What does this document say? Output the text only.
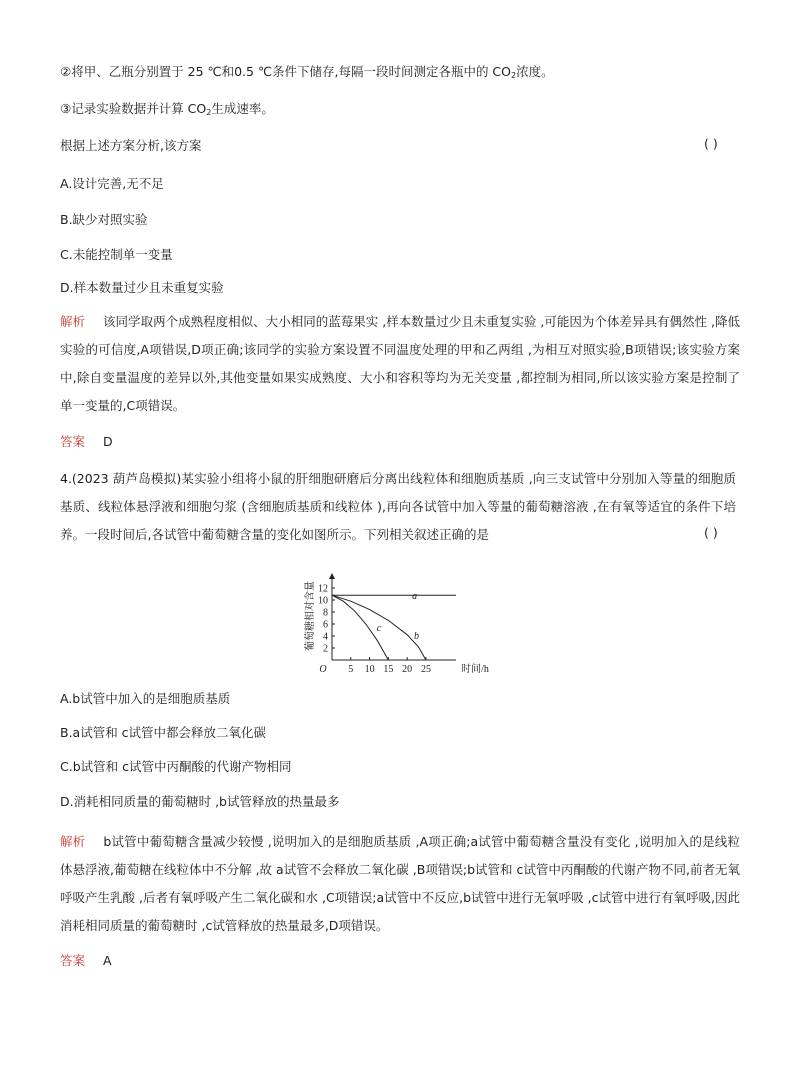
②将甲、乙瓶分别置于 25 ℃和0.5 ℃条件下储存,每隔一段时间测定各瓶中的 $CO_2$浓度。
③记录实验数据并计算 $CO_2$生成速率。
根据上述方案分析,该方案	( )
A.设计完善,无不足
B.缺少对照实验
C.未能控制单一变量
D.样本数量过少且未重复实验
解析 该同学取两个成熟程度相似、大小相同的蓝莓果实 ,样本数量过少且未重复实验 ,可能因为个体差异具有偶然性 ,降低实验的可信度,A项错误,D项正确;该同学的实验方案设置不同温度处理的甲和乙两组 ,为相互对照实验,B项错误;该实验方案中,除自变量温度的差异以外,其他变量如果实成熟度、大小和容积等均为无关变量 ,都控制为相同,所以该实验方案是控制了单一变量的,C项错误。
答案 D
4.(2023 葫芦岛模拟)某实验小组将小鼠的肝细胞研磨后分离出线粒体和细胞质基质 ,向三支试管中分别加入等量的细胞质基质、线粒体悬浮液和细胞匀浆 (含细胞质基质和线粒体 ),再向各试管中加入等量的葡萄糖溶液 ,在有氧等适宜的条件下培养。一段时间后,各试管中葡萄糖含量的变化如图所示。下列相关叙述正确的是	( )
5 10 15 20 25
2
4
6
8
10
12
O	时间/h
葡萄糖相对含量	a
b
c
A.b试管中加入的是细胞质基质
B.a试管和 c试管中都会释放二氧化碳
C.b试管和 c试管中丙酮酸的代谢产物相同
D.消耗相同质量的葡萄糖时 ,b试管释放的热量最多
解析 b试管中葡萄糖含量减少较慢 ,说明加入的是细胞质基质 ,A项正确;a试管中葡萄糖含量没有变化 ,说明加入的是线粒体悬浮液,葡萄糖在线粒体中不分解 ,故 a试管不会释放二氧化碳 ,B项错误;b试管和 c试管中丙酮酸的代谢产物不同,前者无氧呼吸产生乳酸 ,后者有氧呼吸产生二氧化碳和水 ,C项错误;a试管中不反应,b试管中进行无氧呼吸 ,c试管中进行有氧呼吸,因此消耗相同质量的葡萄糖时 ,c试管释放的热量最多,D项错误。
答案 A
